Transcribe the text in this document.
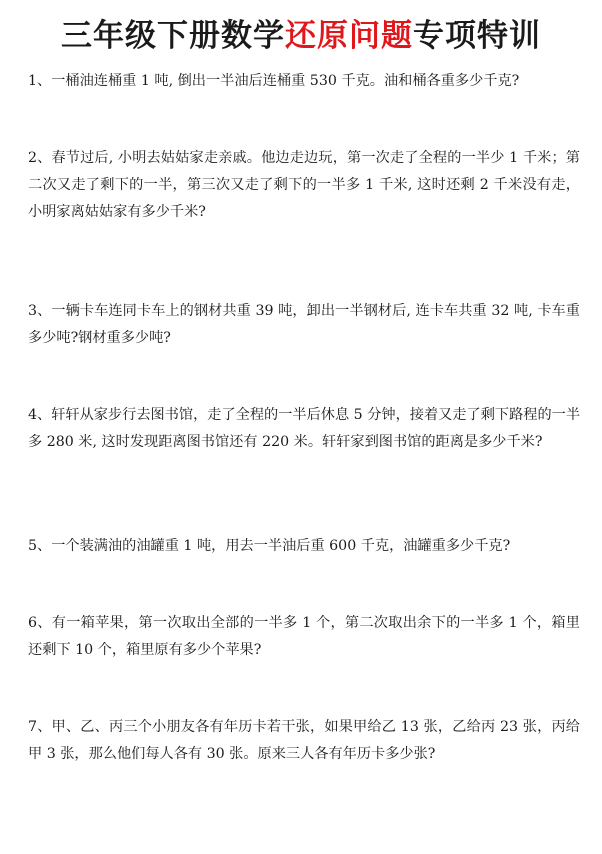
三年级下册数学还原问题专项特训
1、一桶油连桶重 1 吨, 倒出一半油后连桶重 530 千克。油和桶各重多少千克?
2、春节过后, 小明去姑姑家走亲戚。他边走边玩，第一次走了全程的一半少 1 千米；第二次又走了剩下的一半，第三次又走了剩下的一半多 1 千米, 这时还剩 2 千米没有走，小明家离姑姑家有多少千米?
3、一辆卡车连同卡车上的钢材共重 39 吨，卸出一半钢材后, 连卡车共重 32 吨, 卡车重多少吨?钢材重多少吨?
4、轩轩从家步行去图书馆，走了全程的一半后休息 5 分钟，接着又走了剩下路程的一半多 280 米, 这时发现距离图书馆还有 220 米。轩轩家到图书馆的距离是多少千米?
5、一个装满油的油罐重 1 吨，用去一半油后重 600 千克，油罐重多少千克?
6、有一箱苹果，第一次取出全部的一半多 1 个，第二次取出余下的一半多 1 个，箱里还剩下 10 个，箱里原有多少个苹果?
7、甲、乙、丙三个小朋友各有年历卡若干张，如果甲给乙 13 张，乙给丙 23 张，丙给甲 3 张，那么他们每人各有 30 张。原来三人各有年历卡多少张?
